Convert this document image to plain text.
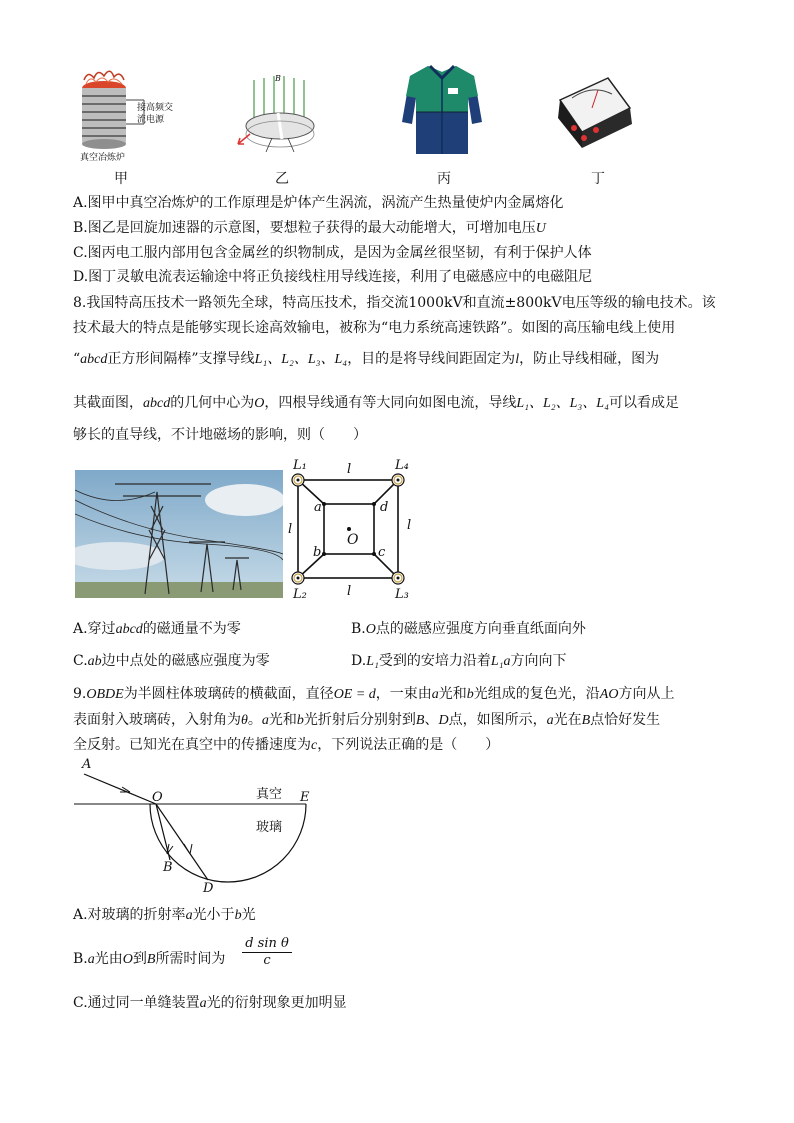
接高频交
流电源
真空冶炼炉
B
甲	乙	丙	丁
A.图甲中真空冶炼炉的工作原理是炉体产生涡流，涡流产生热量使炉内金属熔化
B.图乙是回旋加速器的示意图，要想粒子获得的最大动能增大，可增加电压U
C.图丙电工服内部用包含金属丝的织物制成，是因为金属丝很坚韧，有利于保护人体
D.图丁灵敏电流表运输途中将正负接线柱用导线连接，利用了电磁感应中的电磁阻尼
8.我国特高压技术一路领先全球，特高压技术，指交流1000kV和直流±800kV电压等级的输电技术。该
技术最大的特点是能够实现长途高效输电，被称为“电力系统高速铁路”。如图的高压输电线上使用
“abcd正方形间隔棒”支撑导线L₁、L₂、L₃、L₄，目的是将导线间距固定为l，防止导线相碰，图为
其截面图，abcd的几何中心为O，四根导线通有等大同向如图电流，导线L₁、L₂、L₃、L₄可以看成足
够长的直导线，不计地磁场的影响，则（　　）
L₁	L₄
L₂	L₃
l
l	l
l
a	d
b	c
O
A.穿过abcd的磁通量不为零	B.O点的磁感应强度方向垂直纸面向外
C.ab边中点处的磁感应强度为零	D.L₁受到的安培力沿着L₁a方向向下
9.OBDE为半圆柱体玻璃砖的横截面，直径OE = d，一束由a光和b光组成的复色光，沿AO方向从上
表面射入玻璃砖，入射角为θ。a光和b光折射后分别射到B、D点，如图所示，a光在B点恰好发生
全反射。已知光在真空中的传播速度为c，下列说法正确的是（　　）
A
O	E
B
D
真空
玻璃
A.对玻璃的折射率a光小于b光
B.a光由O到B所需时间为 $\frac{\text{d sin θ}}{c}$
C.通过同一单缝装置a光的衍射现象更加明显
